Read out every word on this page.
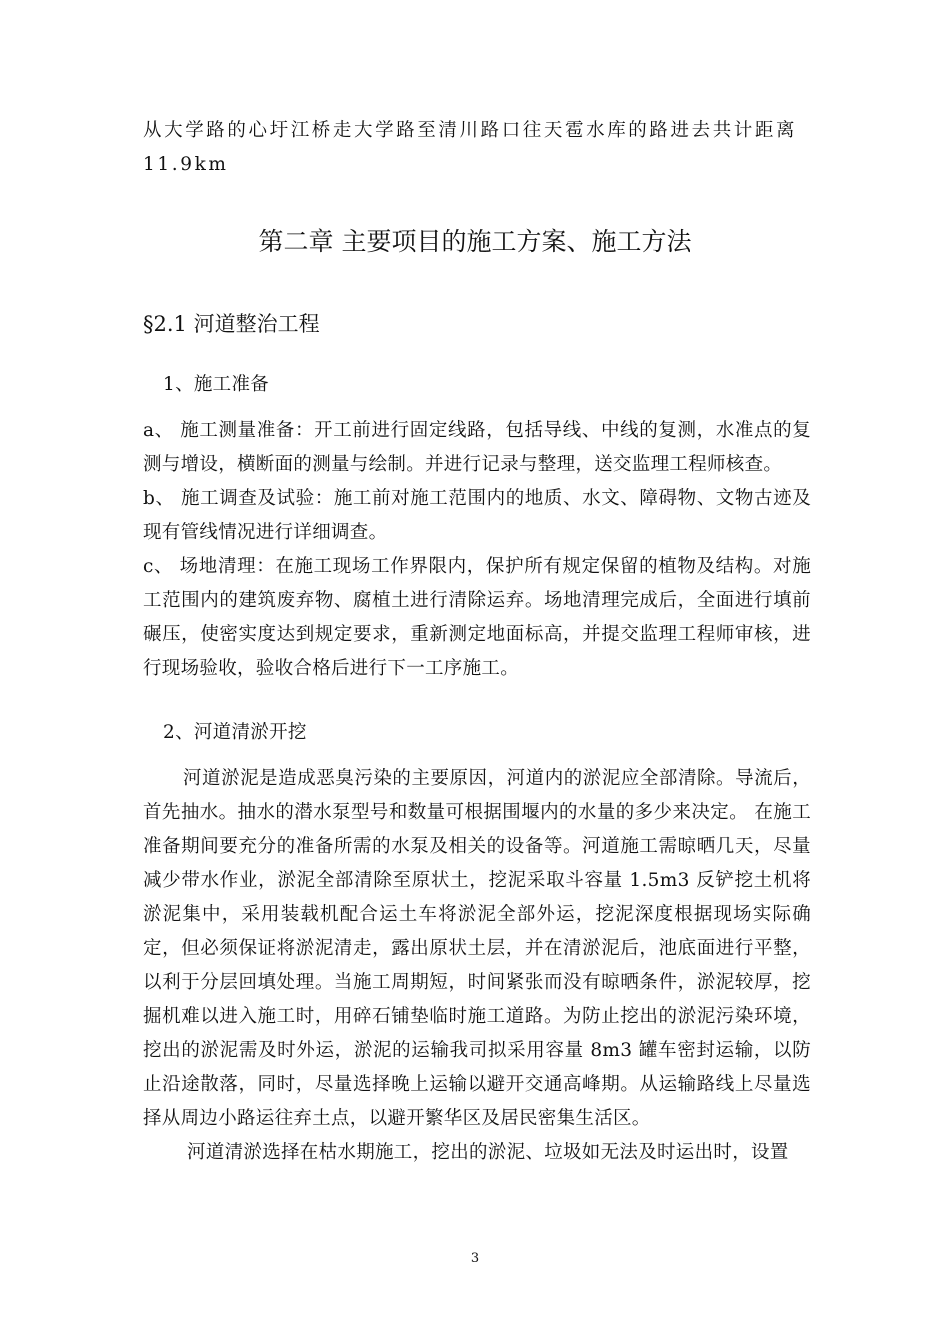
从大学路的心圩江桥走大学路至清川路口往天雹水库的路进去共计距离
11.9km
第二章 主要项目的施工方案、施工方法
§2.1 河道整治工程
1、施工准备

a、 施工测量准备：开工前进行固定线路，包括导线、中线的复测，水准点的复测与增设，横断面的测量与绘制。并进行记录与整理，送交监理工程师核查。

b、 施工调查及试验：施工前对施工范围内的地质、水文、障碍物、文物古迹及现有管线情况进行详细调查。

c、 场地清理：在施工现场工作界限内，保护所有规定保留的植物及结构。对施工范围内的建筑废弃物、腐植土进行清除运弃。场地清理完成后，全面进行填前碾压，使密实度达到规定要求，重新测定地面标高，并提交监理工程师审核，进行现场验收，验收合格后进行下一工序施工。

2、河道清淤开挖

河道淤泥是造成恶臭污染的主要原因，河道内的淤泥应全部清除。导流后，首先抽水。抽水的潜水泵型号和数量可根据围堰内的水量的多少来决定。 在施工准备期间要充分的准备所需的水泵及相关的设备等。河道施工需晾晒几天，尽量减少带水作业，淤泥全部清除至原状土，挖泥采取斗容量 1.5m3 反铲挖土机将淤泥集中，采用装载机配合运土车将淤泥全部外运，挖泥深度根据现场实际确定，但必须保证将淤泥清走，露出原状土层，并在清淤泥后，池底面进行平整，以利于分层回填处理。当施工周期短，时间紧张而没有晾晒条件，淤泥较厚，挖掘机难以进入施工时，用碎石铺垫临时施工道路。为防止挖出的淤泥污染环境，挖出的淤泥需及时外运，淤泥的运输我司拟采用容量 8m3 罐车密封运输，以防止沿途散落，同时，尽量选择晚上运输以避开交通高峰期。从运输路线上尽量选择从周边小路运往弃土点，以避开繁华区及居民密集生活区。

河道清淤选择在枯水期施工，挖出的淤泥、垃圾如无法及时运出时，设置

3
